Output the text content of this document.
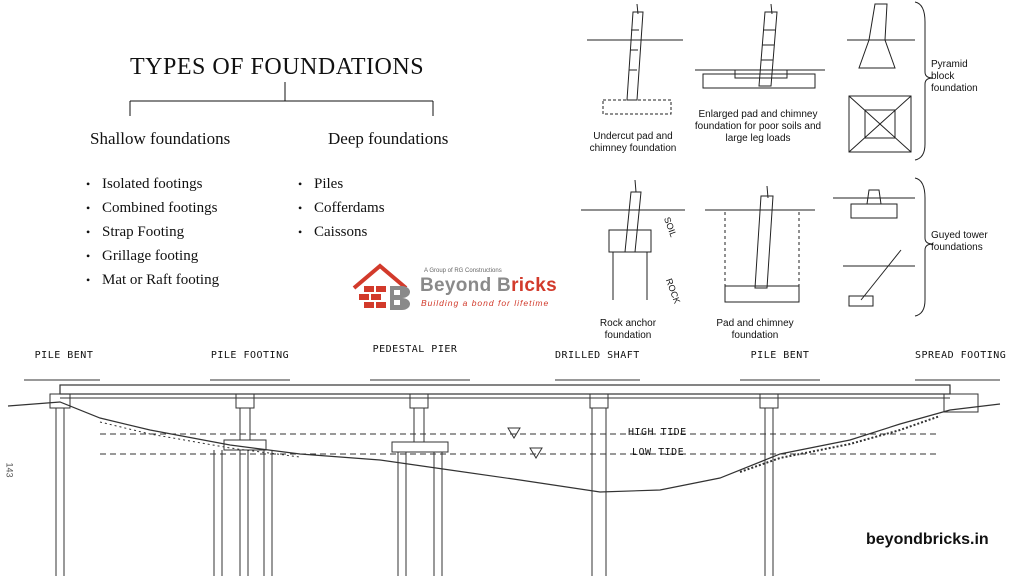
TYPES OF FOUNDATIONS
Shallow foundations	Deep foundations
• Isolated footings
• Combined footings
• Strap Footing
• Grillage footing
• Mat or Raft footing
• Piles
• Cofferdams
• Caissons
A Group of RG Constructions
Beyond Bricks
Building a bond for lifetime
Undercut pad and chimney foundation
Enlarged pad and chimney foundation for poor soils and large leg loads
Pyramid block foundation
Rock anchor foundation
Pad and chimney foundation
Guyed tower foundations
SOIL
ROCK
PILE BENT	PILE FOOTING
PEDESTAL PIER
DRILLED SHAFT	PILE BENT	SPREAD FOOTING
HIGH TIDE
LOW TIDE
143
beyondbricks.in
